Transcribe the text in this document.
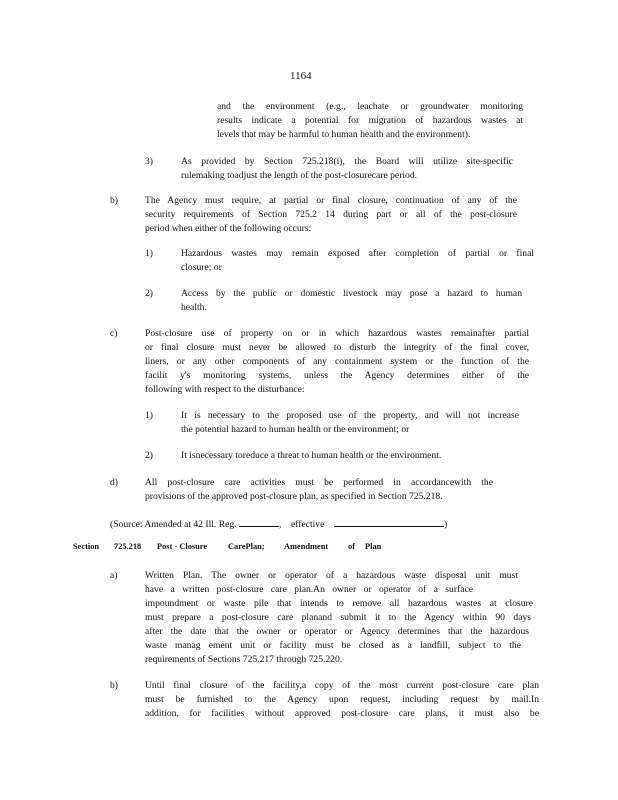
1164
and the environment (e.g., leachate or groundwater monitoring
results indicate a potential for migration of hazardous wastes at
levels that may be harmful to human health and the environment).
3)	As provided by Section 725.218(i), the Board will utilize site-specific
rulemaking toadjust the length of the post-closurecare period.
b)	The Agency must require, at partial or final closure, continuation of any of the
security requirements of Section 725.2 14 during part or all of the post-closure
period when either of the following occurs:
1)	Hazardous wastes may remain exposed after completion of partial or final
closure; or
2)	Access by the public or domestic livestock may pose a hazard to human
health.
c)	Post-closure use of property on or in which hazardous wastes remainafter partial
or final closure must never be allowed to disturb the integrity of the final cover,
liners, or any other components of any containment system or the function of the
facilit y's monitoring systems, unless the Agency determines either of the
following with respect to the disturbance:
1)	It is necessary to the proposed use of the property, and will not increase
the potential hazard to human health or the environment; or
2)	It isnecessary toreduce a threat to human health or the environment.
d)	All post-closure care activities must be performed in accordancewith the
provisions of the approved post-closure plan, as specified in Section 725.218.
(Source: Amended at 42 Ill. Reg.	, effective	)
Section 725.218 Post - Closure CarePlan; Amendment of Plan
a)	Written Plan. The owner or operator of a hazardous waste disposal unit must
have a written post-closure care plan.An owner or operator of a surface
impoundment or waste pile that intends to remove all hazardous wastes at closure
must prepare a post-closure care planand submit it to the Agency within 90 days
after the date that the owner or operator or Agency determines that the hazardous
waste manag ement unit or facility must be closed as a landfill, subject to the
requirements of Sections 725.217 through 725.220.
b)	Until final closure of the facility,a copy of the most current post-closure care plan
must be furnished to the Agency upon request, including request by mail.In
addition, for facilities without approved post-closure care plans, it must also be
